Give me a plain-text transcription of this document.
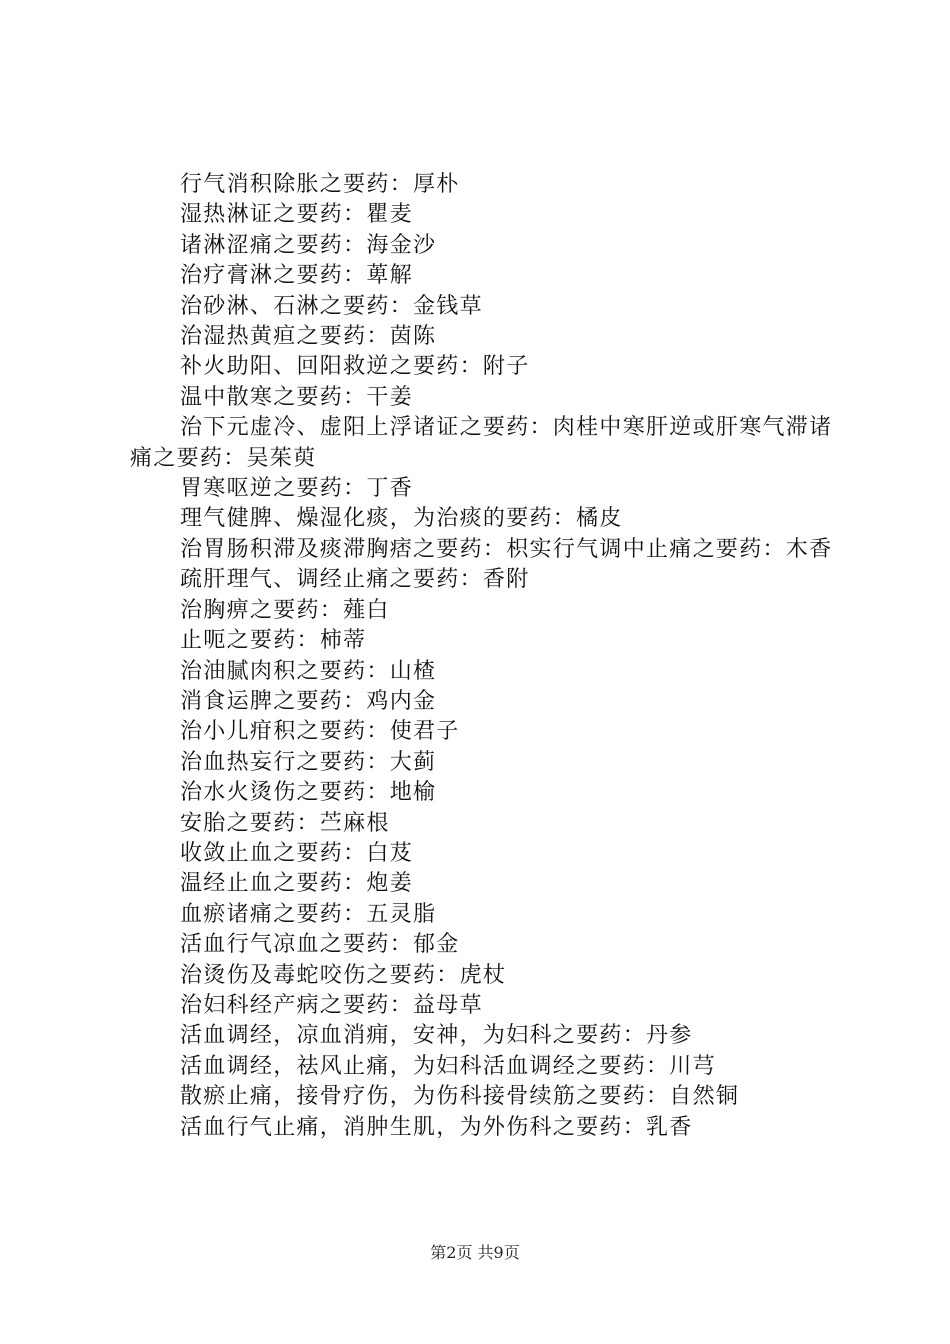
行气消积除胀之要药：厚朴

湿热淋证之要药：瞿麦

诸淋涩痛之要药：海金沙

治疗膏淋之要药：萆解

治砂淋、石淋之要药：金钱草

治湿热黄疸之要药：茵陈

补火助阳、回阳救逆之要药：附子

温中散寒之要药：干姜

治下元虚冷、虚阳上浮诸证之要药：肉桂中寒肝逆或肝寒气滞诸痛之要药：吴茱萸

胃寒呕逆之要药：丁香

理气健脾、燥湿化痰，为治痰的要药：橘皮

治胃肠积滞及痰滞胸痞之要药：枳实行气调中止痛之要药：木香

疏肝理气、调经止痛之要药：香附

治胸痹之要药：薤白

止呃之要药：柿蒂

治油腻肉积之要药：山楂

消食运脾之要药：鸡内金

治小儿疳积之要药：使君子

治血热妄行之要药：大蓟

治水火烫伤之要药：地榆

安胎之要药：苎麻根

收敛止血之要药：白芨

温经止血之要药：炮姜

血瘀诸痛之要药：五灵脂

活血行气凉血之要药：郁金

治烫伤及毒蛇咬伤之要药：虎杖

治妇科经产病之要药：益母草

活血调经，凉血消痈，安神，为妇科之要药：丹参

活血调经，祛风止痛，为妇科活血调经之要药：川芎

散瘀止痛，接骨疗伤，为伤科接骨续筋之要药：自然铜

活血行气止痛，消肿生肌，为外伤科之要药：乳香

第2页 共9页
